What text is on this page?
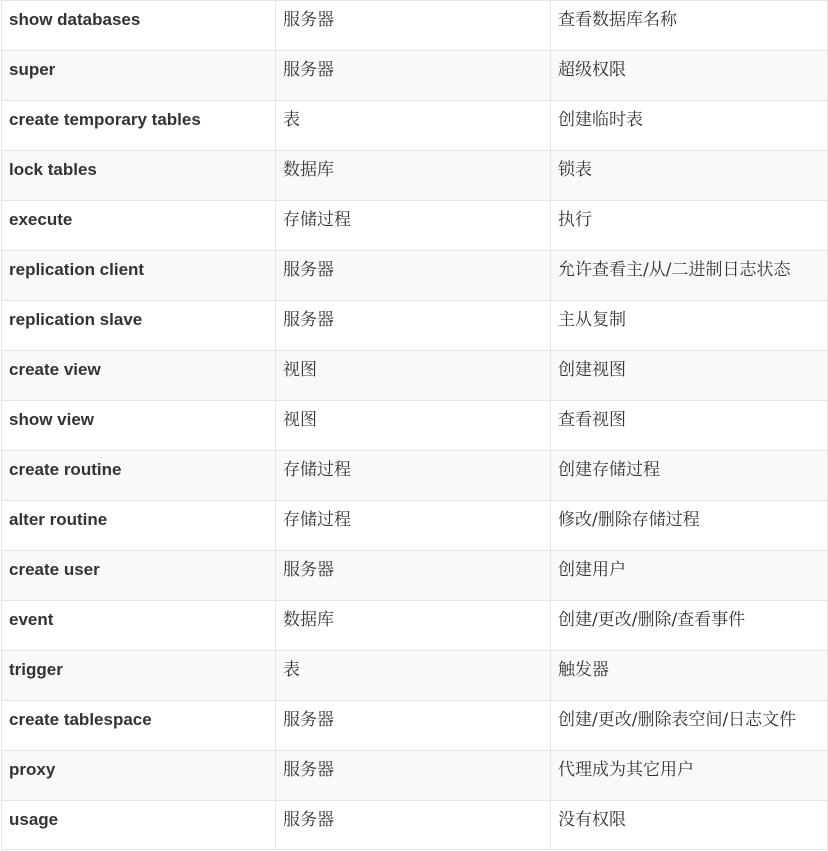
show databases	服务器	查看数据库名称
super	服务器	超级权限
create temporary tables	表	创建临时表
lock tables	数据库	锁表
execute	存储过程	执行
replication client	服务器	允许查看主/从/二进制日志状态
replication slave	服务器	主从复制
create view	视图	创建视图
show view	视图	查看视图
create routine	存储过程	创建存储过程
alter routine	存储过程	修改/删除存储过程
create user	服务器	创建用户
event	数据库	创建/更改/删除/查看事件
trigger	表	触发器
create tablespace	服务器	创建/更改/删除表空间/日志文件
proxy	服务器	代理成为其它用户
usage	服务器	没有权限
